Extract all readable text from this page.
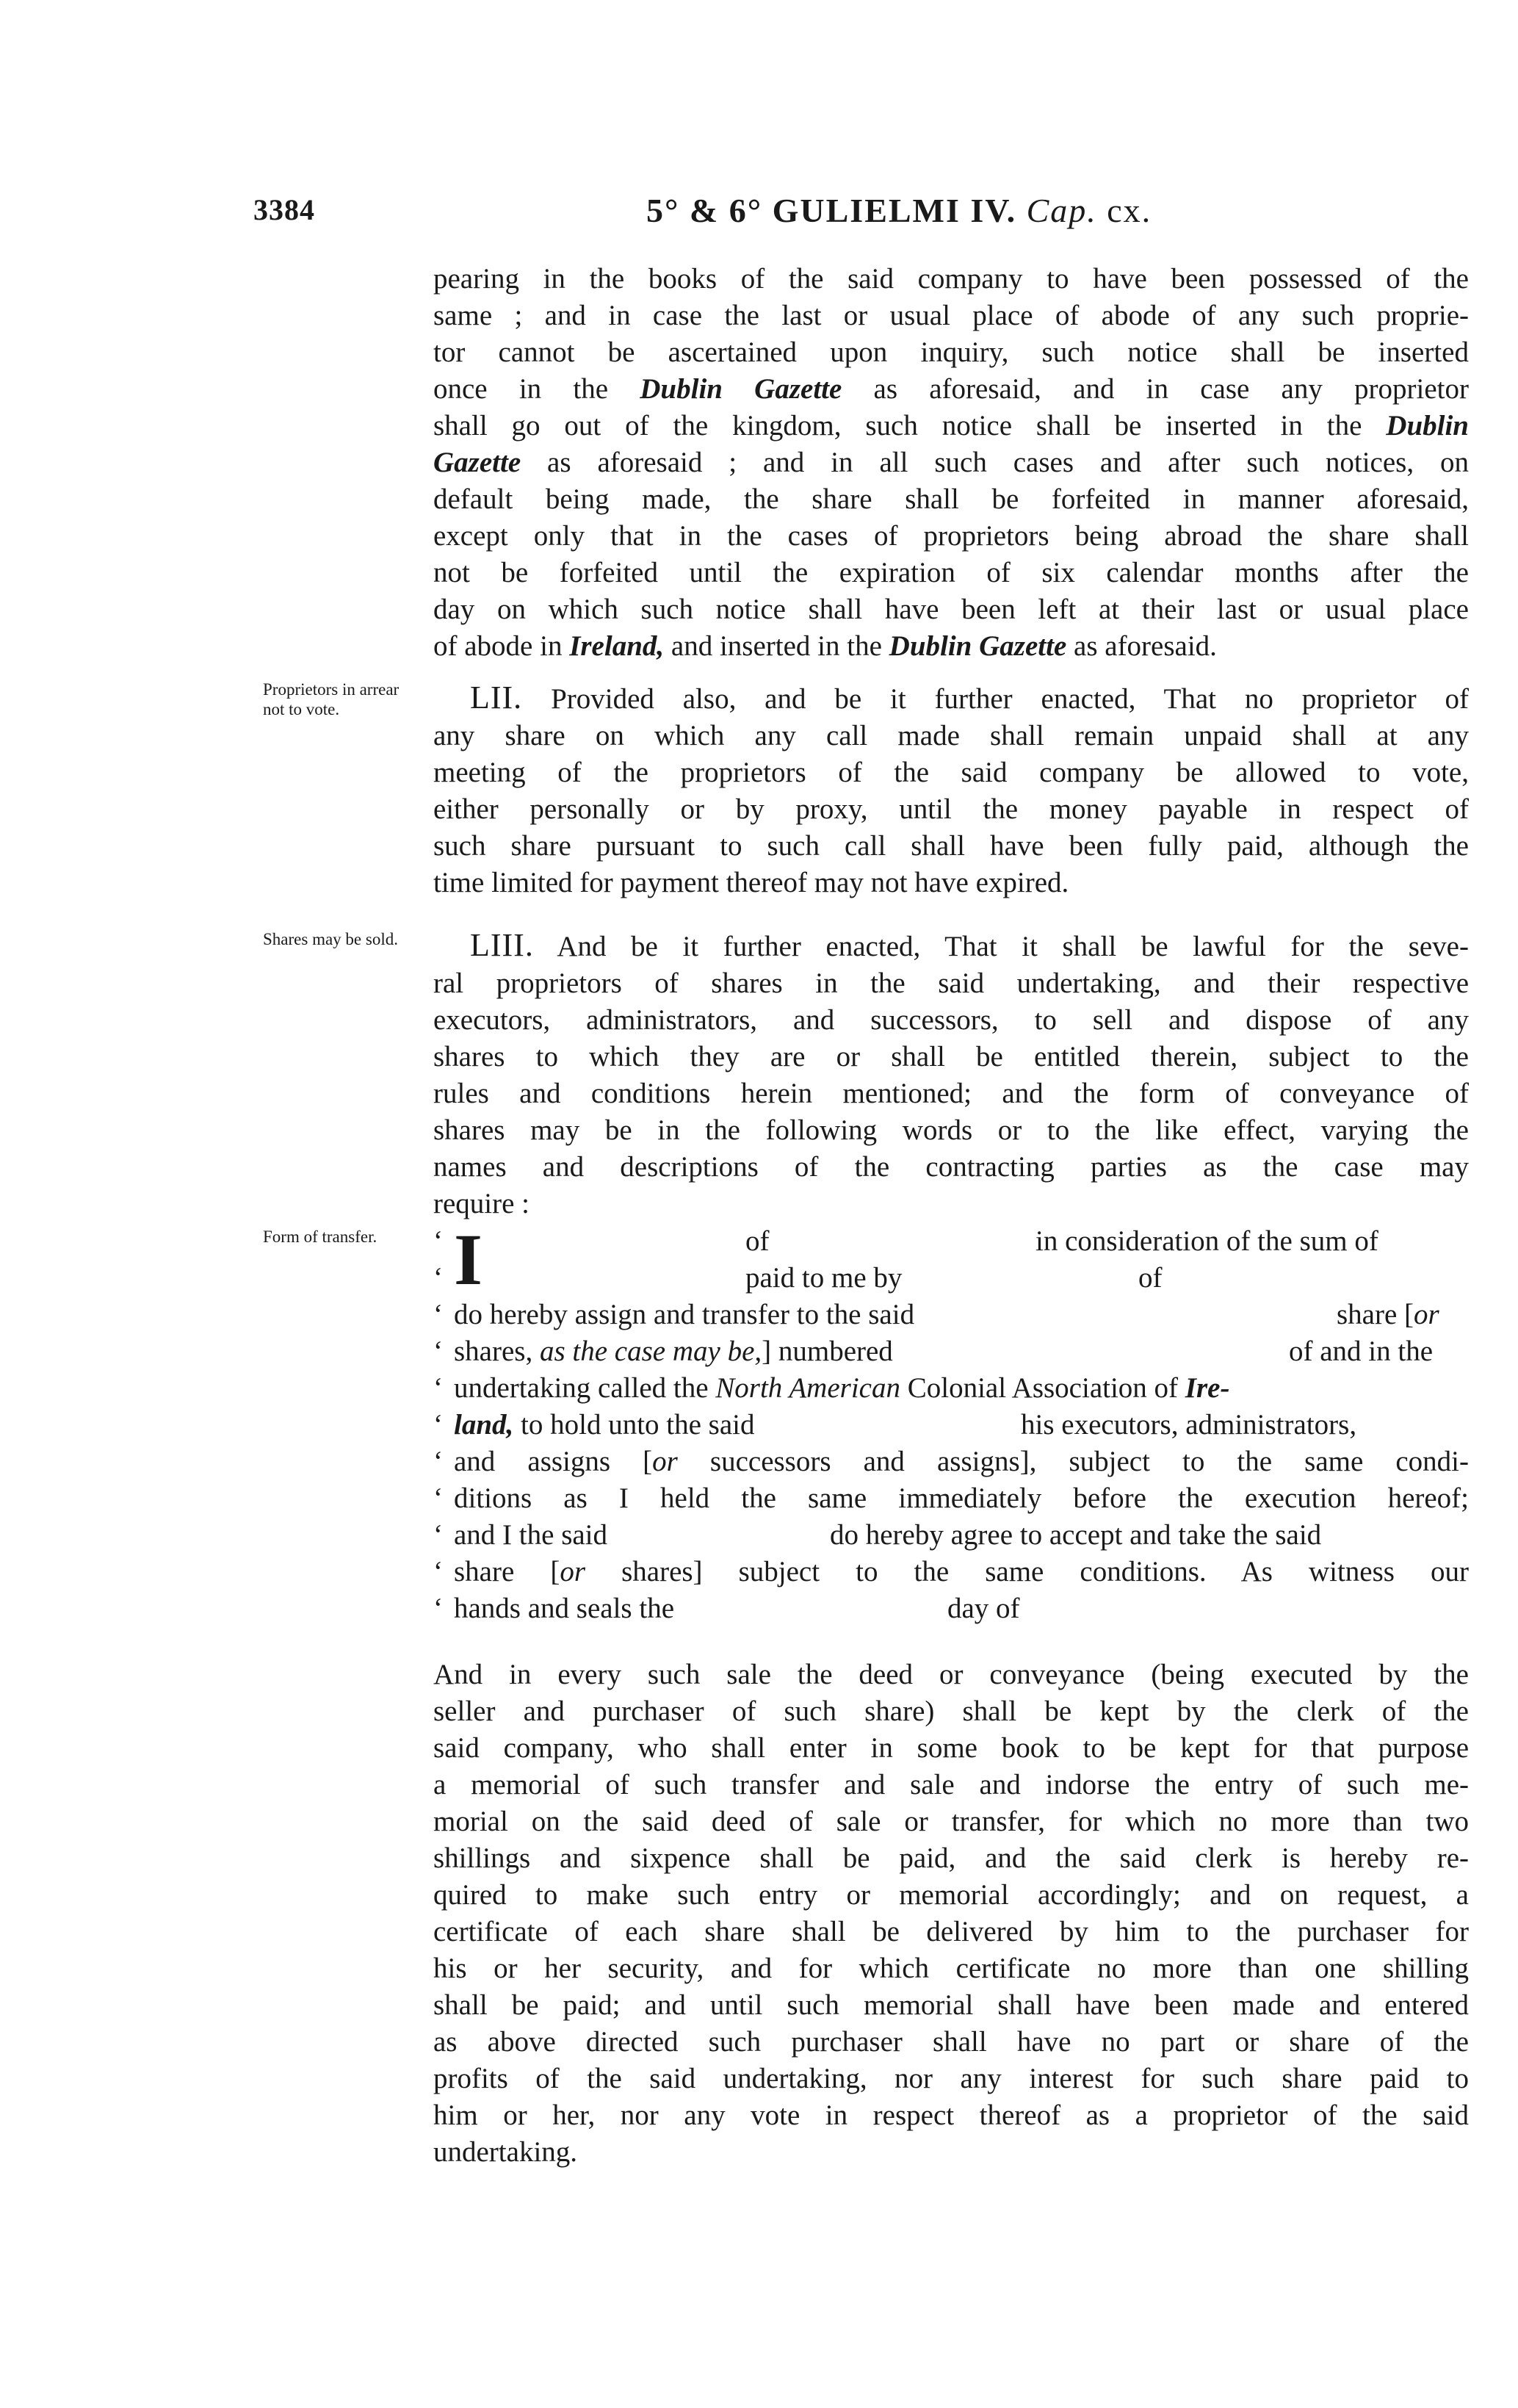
3384	5° & 6° GULIELMI IV. Cap. cx.
pearing in the books of the said company to have been possessed of the
same ; and in case the last or usual place of abode of any such proprie-
tor cannot be ascertained upon inquiry, such notice shall be inserted
once in the Dublin Gazette as aforesaid, and in case any proprietor
shall go out of the kingdom, such notice shall be inserted in the Dublin
Gazette as aforesaid ; and in all such cases and after such notices, on
default being made, the share shall be forfeited in manner aforesaid,
except only that in the cases of proprietors being abroad the share shall
not be forfeited until the expiration of six calendar months after the
day on which such notice shall have been left at their last or usual place
of abode in Ireland, and inserted in the Dublin Gazette as aforesaid.
Proprietors in arrear not to vote.	LII. Provided also, and be it further enacted, That no proprietor of
any share on which any call made shall remain unpaid shall at any
meeting of the proprietors of the said company be allowed to vote,
either personally or by proxy, until the money payable in respect of
such share pursuant to such call shall have been fully paid, although the
time limited for payment thereof may not have expired.
Shares may be sold.	LIII. And be it further enacted, That it shall be lawful for the seve-
ral proprietors of shares in the said undertaking, and their respective
executors, administrators, and successors, to sell and dispose of any
shares to which they are or shall be entitled therein, subject to the
rules and conditions herein mentioned; and the form of conveyance of
shares may be in the following words or to the like effect, varying the
names and descriptions of the contracting parties as the case may
require :
Form of transfer.	‘ I	of	in consideration of the sum of
‘	paid to me by	of
‘ do hereby assign and transfer to the said	share [or
‘ shares, as the case may be,] numbered	of and in the
‘ undertaking called the North American Colonial Association of Ire-
‘ land, to hold unto the said	his executors, administrators,
‘ and assigns [or successors and assigns], subject to the same condi-
‘ ditions as I held the same immediately before the execution hereof;
‘ and I the said	do hereby agree to accept and take the said
‘ share [or shares] subject to the same conditions. As witness our
‘ hands and seals the	day of
And in every such sale the deed or conveyance (being executed by the
seller and purchaser of such share) shall be kept by the clerk of the
said company, who shall enter in some book to be kept for that purpose
a memorial of such transfer and sale and indorse the entry of such me-
morial on the said deed of sale or transfer, for which no more than two
shillings and sixpence shall be paid, and the said clerk is hereby re-
quired to make such entry or memorial accordingly; and on request, a
certificate of each share shall be delivered by him to the purchaser for
his or her security, and for which certificate no more than one shilling
shall be paid; and until such memorial shall have been made and entered
as above directed such purchaser shall have no part or share of the
profits of the said undertaking, nor any interest for such share paid to
him or her, nor any vote in respect thereof as a proprietor of the said
undertaking.
